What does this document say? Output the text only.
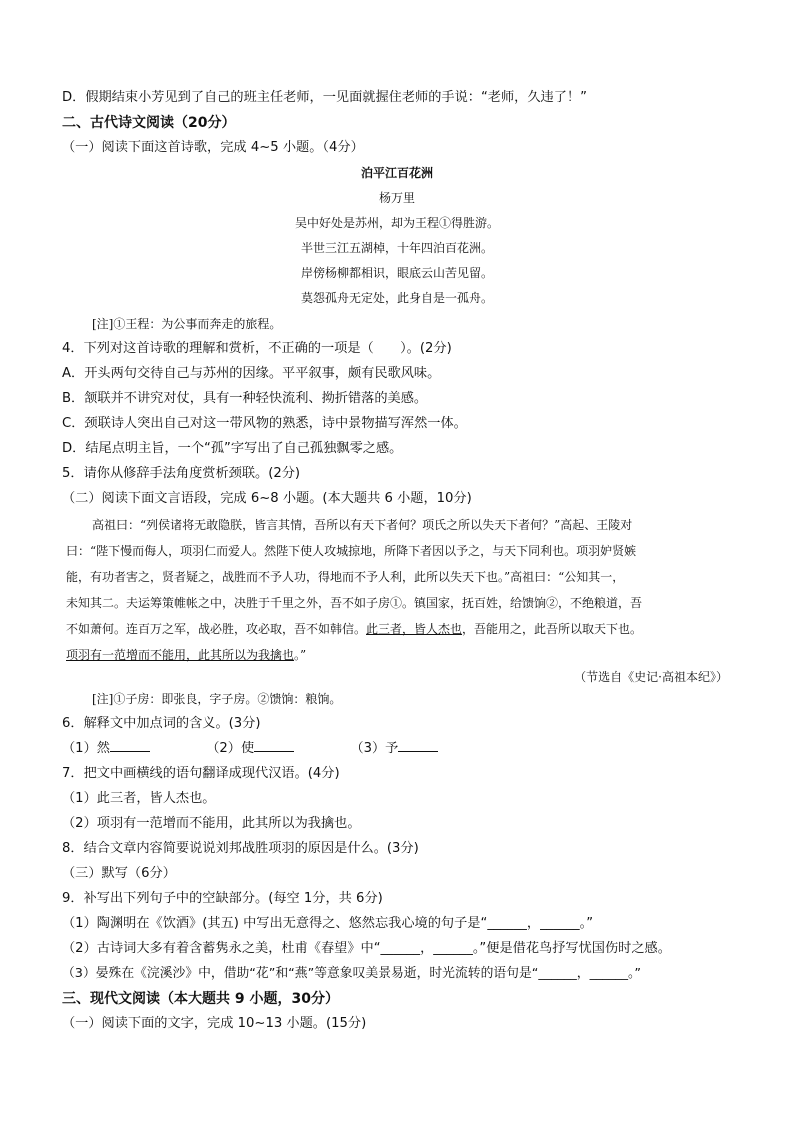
D．假期结束小芳见到了自己的班主任老师，一见面就握住老师的手说：“老师，久违了！”
二、古代诗文阅读（20分）
（一）阅读下面这首诗歌，完成 4~5 小题。（4分）
泊平江百花洲
杨万里
吴中好处是苏州，却为王程①得胜游。
半世三江五湖棹，十年四泊百花洲。
岸傍杨柳都相识，眼底云山苦见留。
莫怨孤舟无定处，此身自是一孤舟。
[注]①王程：为公事而奔走的旅程。
4．下列对这首诗歌的理解和赏析，不正确的一项是（　　）。(2分)
A．开头两句交待自己与苏州的因缘。平平叙事，颇有民歌风味。
B．颔联并不讲究对仗，具有一种轻快流利、拗折错落的美感。
C．颈联诗人突出自己对这一带风物的熟悉，诗中景物描写浑然一体。
D．结尾点明主旨，一个“孤”字写出了自己孤独飘零之感。
5．请你从修辞手法角度赏析颈联。(2分)
（二）阅读下面文言语段，完成 6~8 小题。(本大题共 6 小题，10分)
高祖曰：“列侯诸将无敢隐朕，皆言其情，吾所以有天下者何？项氏之所以失天下者何？”高起、王陵对
曰：“陛下慢而侮人，项羽仁而爱人。然陛下使人攻城掠地，所降下者因以予之，与天下同利也。项羽妒贤嫉
能，有功者害之，贤者疑之，战胜而不予人功，得地而不予人利，此所以失天下也。”高祖曰：“公知其一，
未知其二。夫运筹策帷帐之中，决胜于千里之外，吾不如子房①。镇国家，抚百姓，给馈饷②，不绝粮道，吾
不如萧何。连百万之军，战必胜，攻必取，吾不如韩信。此三者，皆人杰也，吾能用之，此吾所以取天下也。
项羽有一范增而不能用，此其所以为我擒也。”
（节选自《史记·高祖本纪》）
[注]①子房：即张良，字子房。②馈饷：粮饷。
6．解释文中加点词的含义。(3分)
（1）然	（2）使	（3）予
7．把文中画横线的语句翻译成现代汉语。(4分)
（1）此三者，皆人杰也。
（2）项羽有一范增而不能用，此其所以为我擒也。
8．结合文章内容简要说说刘邦战胜项羽的原因是什么。(3分)
（三）默写（6分）
9．补写出下列句子中的空缺部分。(每空 1分，共 6分)
（1）陶渊明在《饮酒》(其五) 中写出无意得之、悠然忘我心境的句子是“______，______。”
（2）古诗词大多有着含蓄隽永之美，杜甫《春望》中“______，______。”便是借花鸟抒写忧国伤时之感。
（3）晏殊在《浣溪沙》中，借助“花”和“燕”等意象叹美景易逝，时光流转的语句是“______，______。”
三、现代文阅读（本大题共 9 小题，30分）
（一）阅读下面的文字，完成 10~13 小题。(15分)
